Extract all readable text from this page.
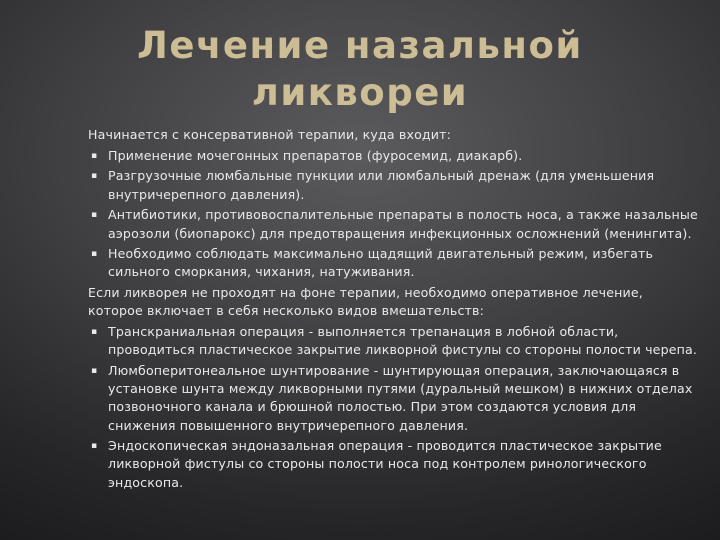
Лечение назальной ликвореи

Начинается с консервативной терапии, куда входит:

▪ Применение мочегонных препаратов (фуросемид, диакарб).
▪ Разгрузочные люмбальные пункции или люмбальный дренаж (для уменьшения внутричерепного давления).
▪ Антибиотики, противовоспалительные препараты в полость носа, а также назальные аэрозоли (биопарокс) для предотвращения инфекционных осложнений (менингита).
▪ Необходимо соблюдать максимально щадящий двигательный режим, избегать сильного сморкания, чихания, натуживания.

Если ликворея не проходят на фоне терапии, необходимо оперативное лечение, которое включает в себя несколько видов вмешательств:

▪ Транскраниальная операция - выполняется трепанация в лобной области, проводиться пластическое закрытие ликворной фистулы со стороны полости черепа.
▪ Люмбоперитонеальное шунтирование - шунтирующая операция, заключающаяся в установке шунта между ликворными путями (дуральный мешком) в нижних отделах позвоночного канала и брюшной полостью. При этом создаются условия для снижения повышенного внутричерепного давления.
▪ Эндоскопическая эндоназальная операция - проводится пластическое закрытие ликворной фистулы со стороны полости носа под контролем ринологического эндоскопа.
